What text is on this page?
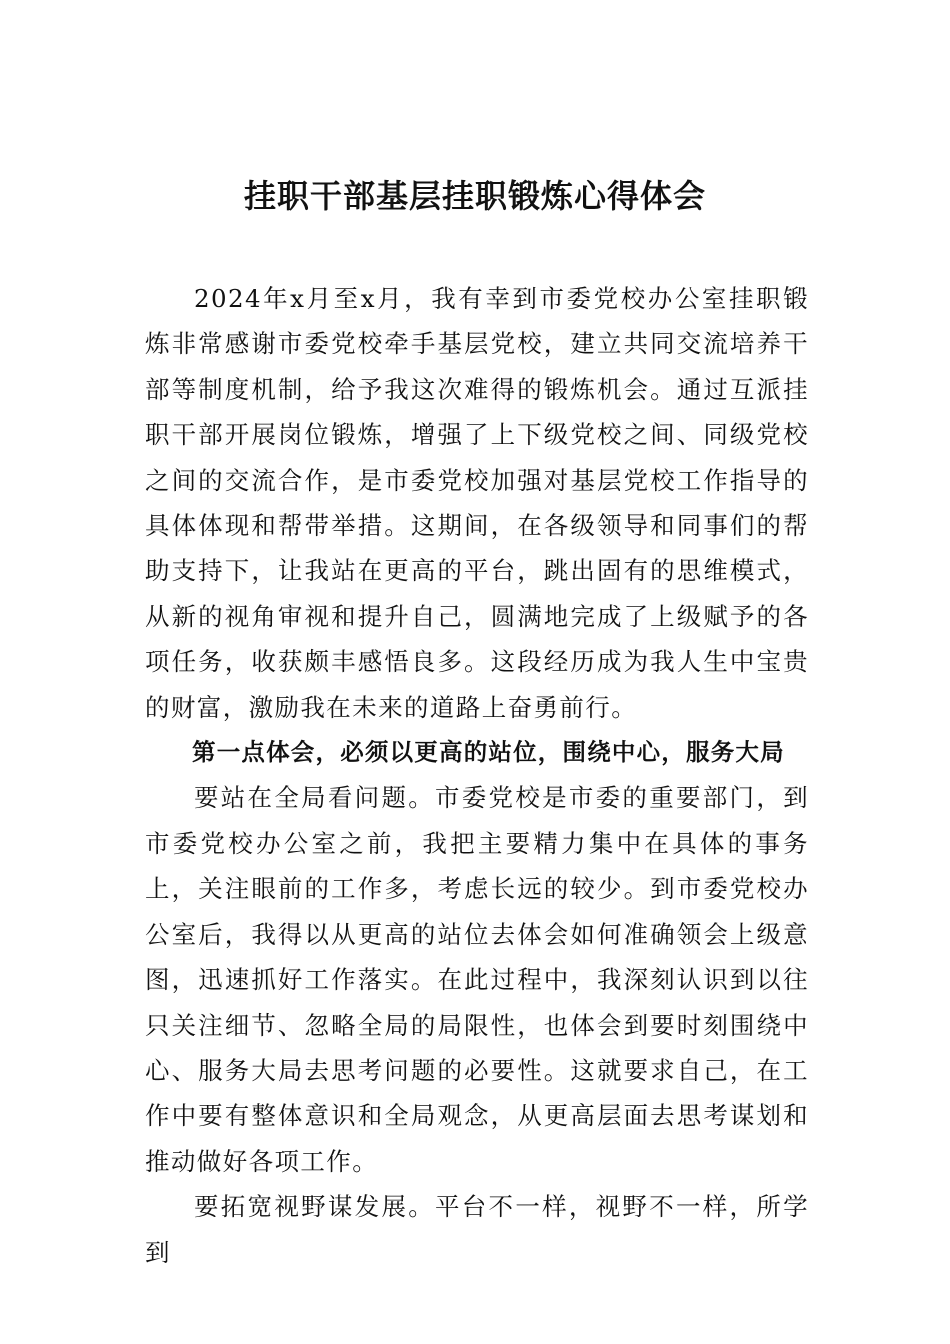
挂职干部基层挂职锻炼心得体会

2024年x月至x月，我有幸到市委党校办公室挂职锻炼非常感谢市委党校牵手基层党校，建立共同交流培养干部等制度机制，给予我这次难得的锻炼机会。通过互派挂职干部开展岗位锻炼，增强了上下级党校之间、同级党校之间的交流合作，是市委党校加强对基层党校工作指导的具体体现和帮带举措。这期间，在各级领导和同事们的帮助支持下，让我站在更高的平台，跳出固有的思维模式，从新的视角审视和提升自己，圆满地完成了上级赋予的各项任务，收获颇丰感悟良多。这段经历成为我人生中宝贵的财富，激励我在未来的道路上奋勇前行。

第一点体会，必须以更高的站位，围绕中心，服务大局

要站在全局看问题。市委党校是市委的重要部门，到市委党校办公室之前，我把主要精力集中在具体的事务上，关注眼前的工作多，考虑长远的较少。到市委党校办公室后，我得以从更高的站位去体会如何准确领会上级意图，迅速抓好工作落实。在此过程中，我深刻认识到以往只关注细节、忽略全局的局限性，也体会到要时刻围绕中心、服务大局去思考问题的必要性。这就要求自己，在工作中要有整体意识和全局观念，从更高层面去思考谋划和推动做好各项工作。

要拓宽视野谋发展。平台不一样，视野不一样，所学到
